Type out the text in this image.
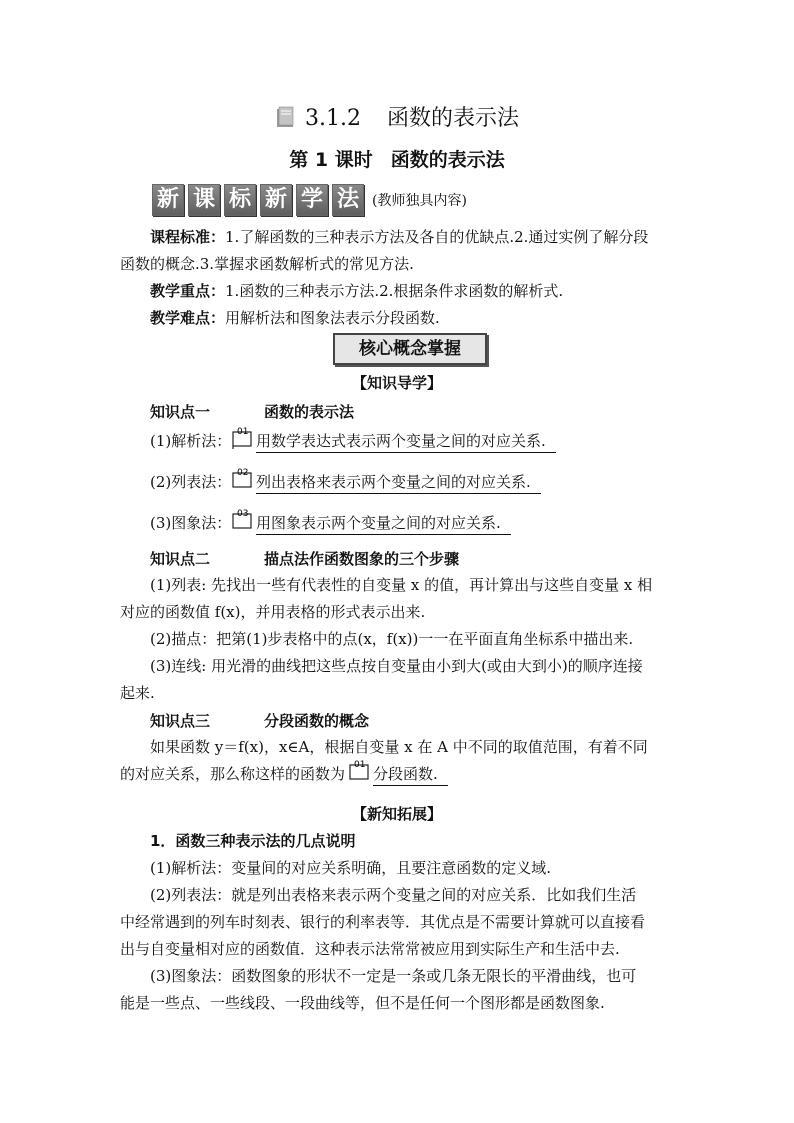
3.1.2 函数的表示法
第 1 课时 函数的表示法
新 课 标 新 学 法 (教师独具内容)
课程标准：1.了解函数的三种表示方法及各自的优缺点.2.通过实例了解分段
函数的概念.3.掌握求函数解析式的常见方法.
教学重点：1.函数的三种表示方法.2.根据条件求函数的解析式.
教学难点：用解析法和图象法表示分段函数.
核心概念掌握
【知识导学】
知识点一	函数的表示法
(1)解析法： 01 用数学表达式表示两个变量之间的对应关系.
(2)列表法： 02 列出表格来表示两个变量之间的对应关系.
(3)图象法： 03 用图象表示两个变量之间的对应关系.
知识点二	描点法作函数图象的三个步骤
(1)列表: 先找出一些有代表性的自变量 x 的值，再计算出与这些自变量 x 相
对应的函数值 f(x)，并用表格的形式表示出来.
(2)描点：把第(1)步表格中的点(x，f(x))一一在平面直角坐标系中描出来.
(3)连线: 用光滑的曲线把这些点按自变量由小到大(或由大到小)的顺序连接
起来.
知识点三	分段函数的概念
如果函数 y＝f(x)，x∈A，根据自变量 x 在 A 中不同的取值范围，有着不同
的对应关系，那么称这样的函数为 01 分段函数.
【新知拓展】
1．函数三种表示法的几点说明
(1)解析法：变量间的对应关系明确，且要注意函数的定义域.
(2)列表法：就是列出表格来表示两个变量之间的对应关系．比如我们生活
中经常遇到的列车时刻表、银行的利率表等．其优点是不需要计算就可以直接看
出与自变量相对应的函数值．这种表示法常常被应用到实际生产和生活中去.
(3)图象法：函数图象的形状不一定是一条或几条无限长的平滑曲线，也可
能是一些点、一些线段、一段曲线等，但不是任何一个图形都是函数图象.
